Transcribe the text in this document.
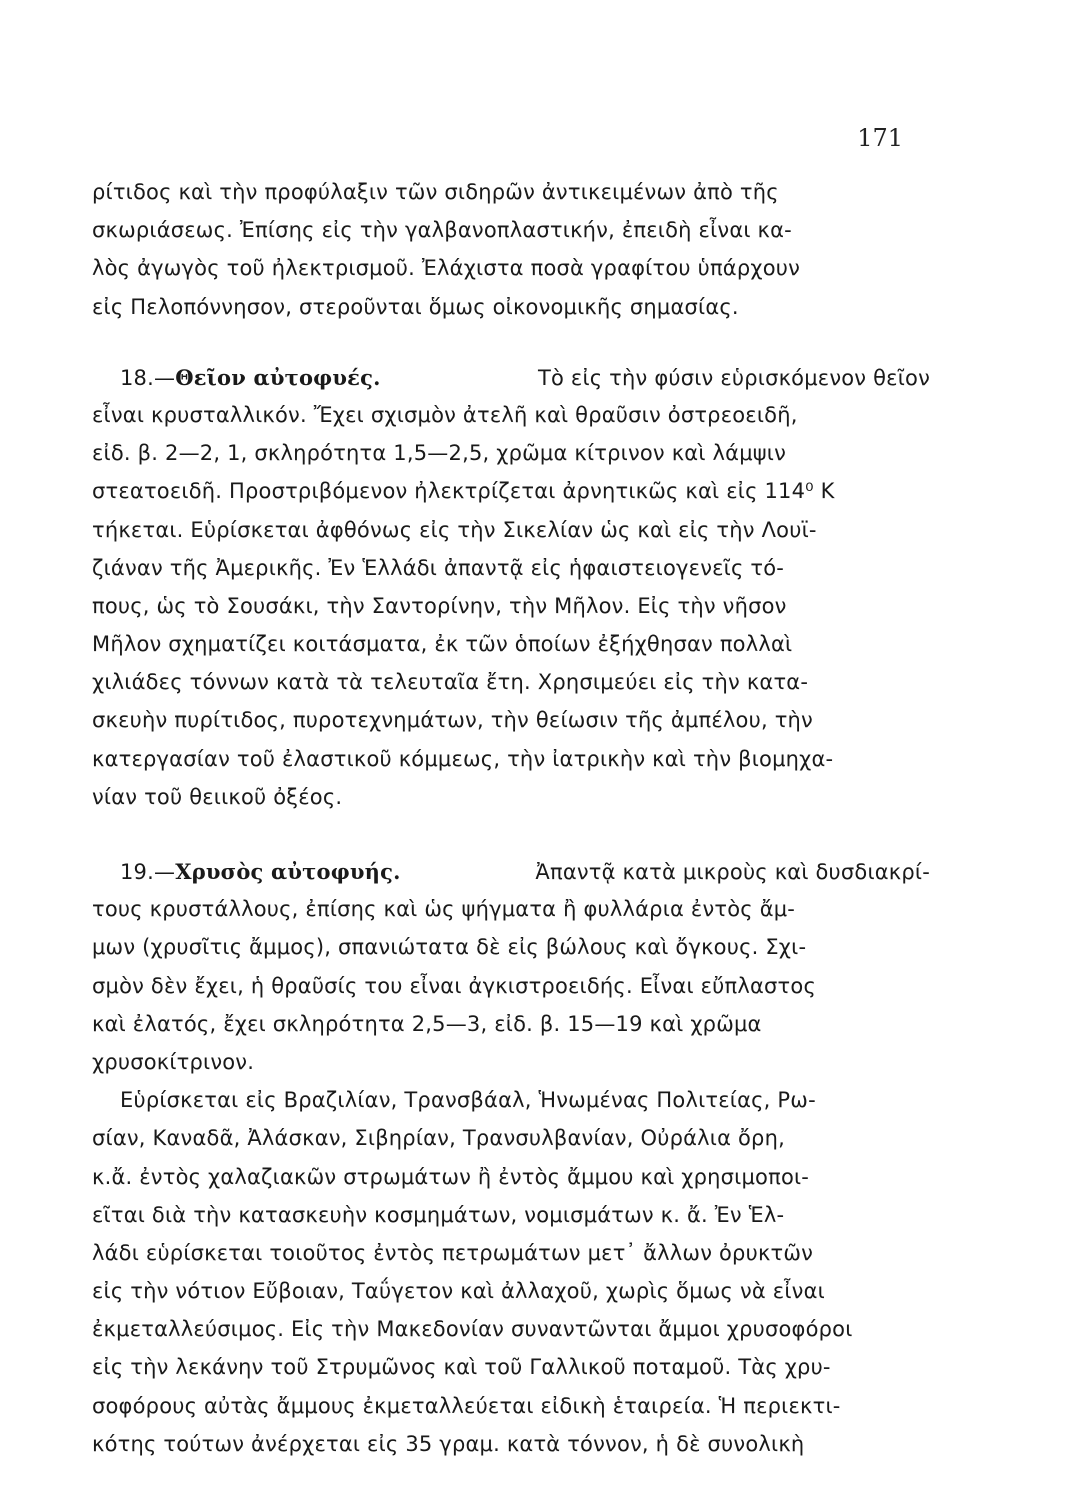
171
ρίτιδος καὶ τὴν προφύλαξιν τῶν σιδηρῶν ἀντικειμένων ἀπὸ τῆς
σκωριάσεως. Ἐπίσης εἰς τὴν γαλβανοπλαστικήν, ἐπειδὴ εἶναι κα-
λὸς ἀγωγὸς τοῦ ἠλεκτρισμοῦ. Ἐλάχιστα ποσὰ γραφίτου ὑπάρχουν
εἰς Πελοπόννησον, στεροῦνται ὅμως οἰκονομικῆς σημασίας.
18.—Θεῖον αὐτοφυές.	Τὸ εἰς τὴν φύσιν εὑρισκόμενον θεῖον
εἶναι κρυσταλλικόν. Ἔχει σχισμὸν ἀτελῆ καὶ θραῦσιν ὀστρεοειδῆ,
εἰδ. β. 2—2, 1, σκληρότητα 1,5—2,5, χρῶμα κίτρινον καὶ λάμψιν
στεατοειδῆ. Προστριβόμενον ἠλεκτρίζεται ἀρνητικῶς καὶ εἰς 114⁰ Κ
τήκεται. Εὑρίσκεται ἀφθόνως εἰς τὴν Σικελίαν ὡς καὶ εἰς τὴν Λουϊ-
ζιάναν τῆς Ἀμερικῆς. Ἐν Ἑλλάδι ἀπαντᾷ εἰς ἡφαιστειογενεῖς τό-
πους, ὡς τὸ Σουσάκι, τὴν Σαντορίνην, τὴν Μῆλον. Εἰς τὴν νῆσον
Μῆλον σχηματίζει κοιτάσματα, ἐκ τῶν ὁποίων ἐξήχθησαν πολλαὶ
χιλιάδες τόννων κατὰ τὰ τελευταῖα ἔτη. Χρησιμεύει εἰς τὴν κατα-
σκευὴν πυρίτιδος, πυροτεχνημάτων, τὴν θείωσιν τῆς ἀμπέλου, τὴν
κατεργασίαν τοῦ ἐλαστικοῦ κόμμεως, τὴν ἰατρικὴν καὶ τὴν βιομηχα-
νίαν τοῦ θειικοῦ ὀξέος.
19.—Χρυσὸς αὐτοφυής.	Ἀπαντᾷ κατὰ μικροὺς καὶ δυσδιακρί-
τους κρυστάλλους, ἐπίσης καὶ ὡς ψήγματα ἢ φυλλάρια ἐντὸς ἄμ-
μων (χρυσῖτις ἄμμος), σπανιώτατα δὲ εἰς βώλους καὶ ὄγκους. Σχι-
σμὸν δὲν ἔχει, ἡ θραῦσίς του εἶναι ἀγκιστροειδής. Εἶναι εὔπλαστος
καὶ ἐλατός, ἔχει σκληρότητα 2,5—3, εἰδ. β. 15—19 καὶ χρῶμα
χρυσοκίτρινον.
Εὑρίσκεται εἰς Βραζιλίαν, Τρανσβάαλ, Ἡνωμένας Πολιτείας, Ρω-
σίαν, Καναδᾶ, Ἀλάσκαν, Σιβηρίαν, Τρανσυλβανίαν, Οὐράλια ὄρη,
κ.ἄ. ἐντὸς χαλαζιακῶν στρωμάτων ἢ ἐντὸς ἄμμου καὶ χρησιμοποι-
εῖται διὰ τὴν κατασκευὴν κοσμημάτων, νομισμάτων κ. ἄ. Ἐν Ἑλ-
λάδι εὑρίσκεται τοιοῦτος ἐντὸς πετρωμάτων μετ᾽ ἄλλων ὀρυκτῶν
εἰς τὴν νότιον Εὔβοιαν, Ταΰγετον καὶ ἀλλαχοῦ, χωρὶς ὅμως νὰ εἶναι
ἐκμεταλλεύσιμος. Εἰς τὴν Μακεδονίαν συναντῶνται ἄμμοι χρυσοφόροι
εἰς τὴν λεκάνην τοῦ Στρυμῶνος καὶ τοῦ Γαλλικοῦ ποταμοῦ. Τὰς χρυ-
σοφόρους αὐτὰς ἄμμους ἐκμεταλλεύεται εἰδικὴ ἑταιρεία. Ἡ περιεκτι-
κότης τούτων ἀνέρχεται εἰς 35 γραμ. κατὰ τόννον, ἡ δὲ συνολικὴ
